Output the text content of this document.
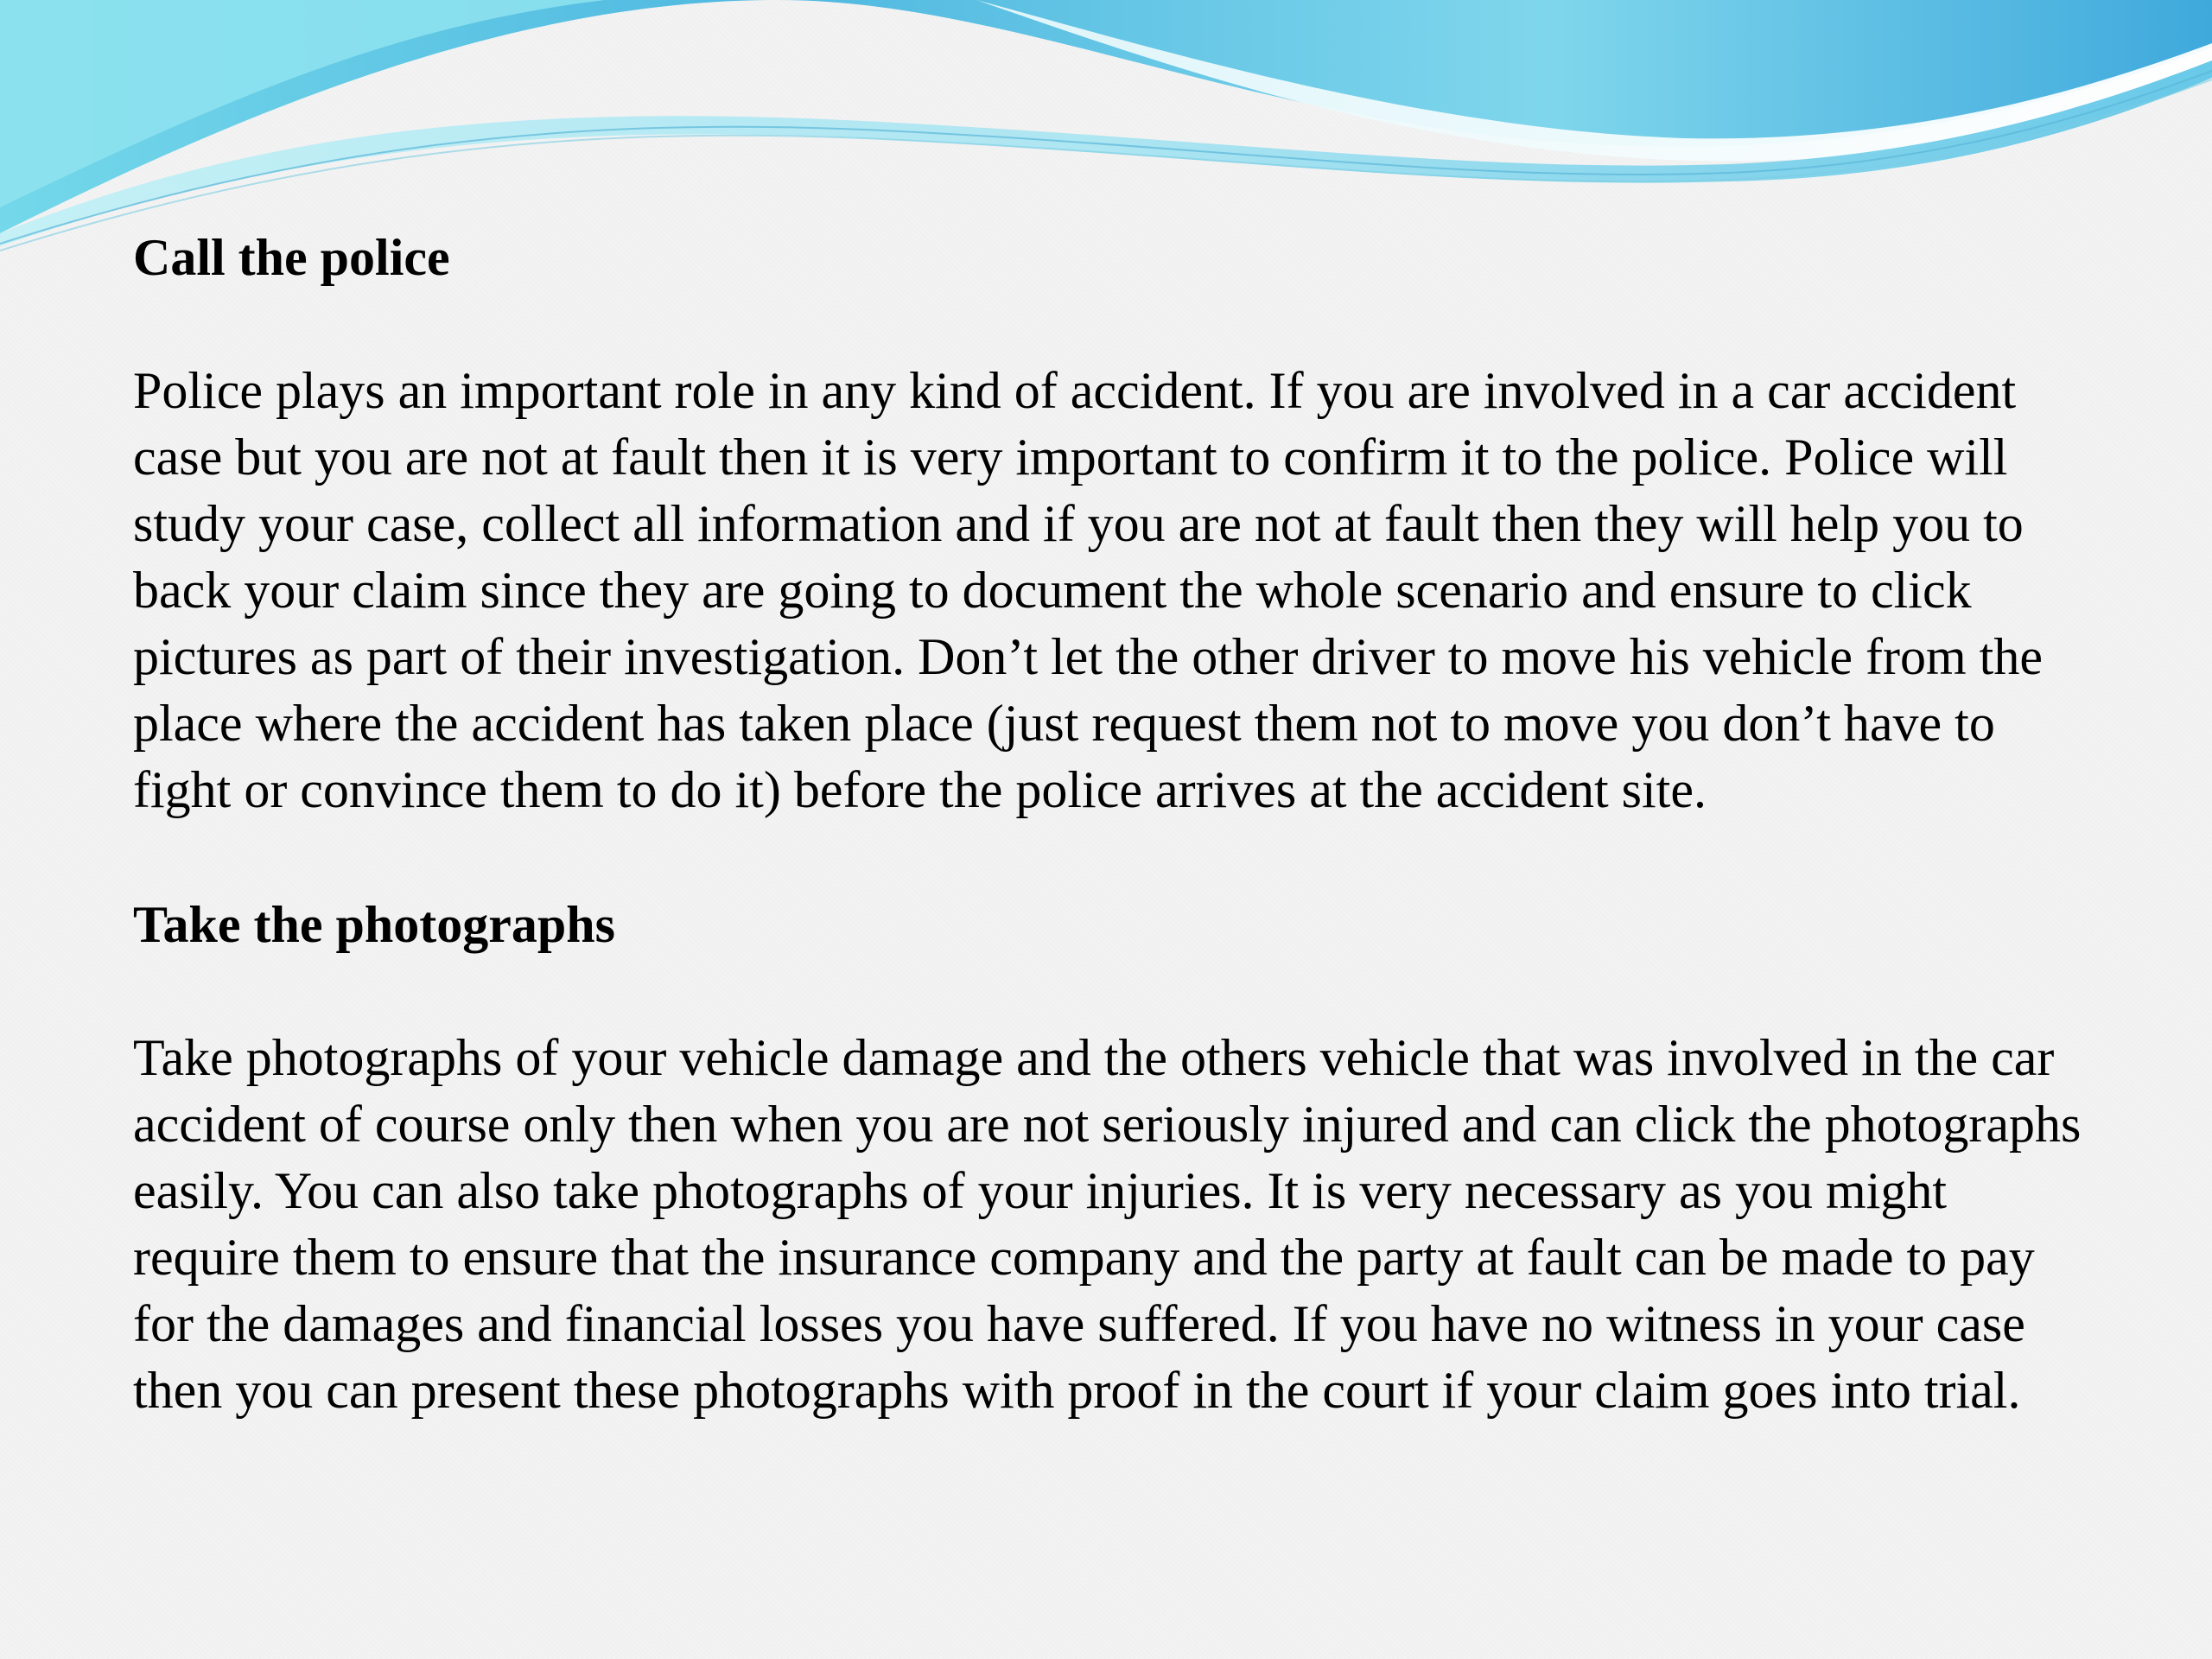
Call the police

Police plays an important role in any kind of accident. If you are involved in a car accident case but you are not at fault then it is very important to confirm it to the police. Police will study your case, collect all information and if you are not at fault then they will help you to back your claim since they are going to document the whole scenario and ensure to click pictures as part of their investigation. Don’t let the other driver to move his vehicle from the place where the accident has taken place (just request them not to move you don’t have to fight or convince them to do it) before the police arrives at the accident site.

Take the photographs

Take photographs of your vehicle damage and the others vehicle that was involved in the car accident of course only then when you are not seriously injured and can click the photographs easily. You can also take photographs of your injuries. It is very necessary as you might require them to ensure that the insurance company and the party at fault can be made to pay for the damages and financial losses you have suffered. If you have no witness in your case then you can present these photographs with proof in the court if your claim goes into trial.
